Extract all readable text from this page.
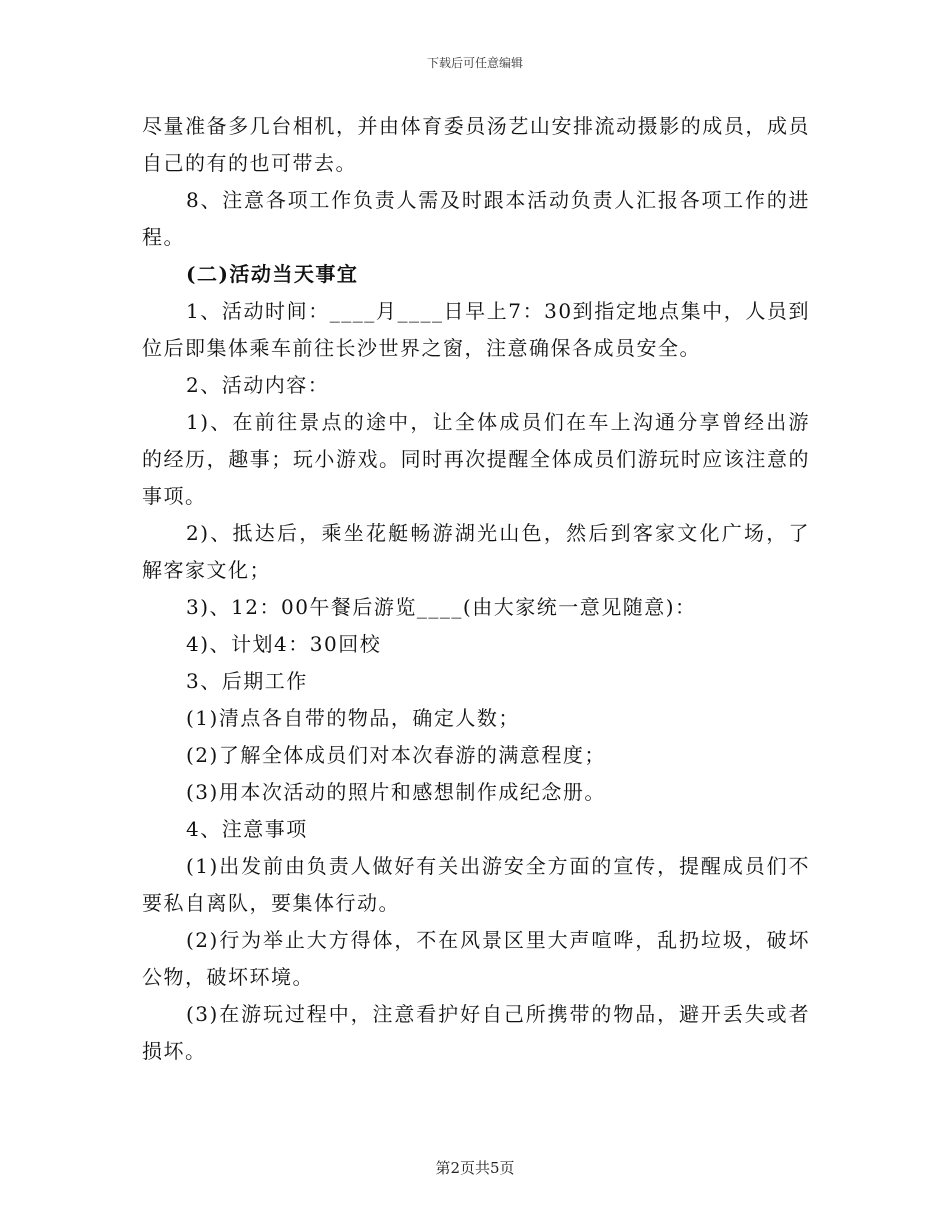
下载后可任意编辑

尽量准备多几台相机，并由体育委员汤艺山安排流动摄影的成员，成员自己的有的也可带去。

8、注意各项工作负责人需及时跟本活动负责人汇报各项工作的进程。

(二)活动当天事宜

1、活动时间：____月____日早上7：30到指定地点集中，人员到位后即集体乘车前往长沙世界之窗，注意确保各成员安全。

2、活动内容：

1)、在前往景点的途中，让全体成员们在车上沟通分享曾经出游的经历，趣事；玩小游戏。同时再次提醒全体成员们游玩时应该注意的事项。

2)、抵达后，乘坐花艇畅游湖光山色，然后到客家文化广场，了解客家文化；

3)、12：00午餐后游览____(由大家统一意见随意)：

4)、计划4：30回校

3、后期工作

(1)清点各自带的物品，确定人数；

(2)了解全体成员们对本次春游的满意程度；

(3)用本次活动的照片和感想制作成纪念册。

4、注意事项

(1)出发前由负责人做好有关出游安全方面的宣传，提醒成员们不要私自离队，要集体行动。

(2)行为举止大方得体，不在风景区里大声喧哗，乱扔垃圾，破坏公物，破坏环境。

(3)在游玩过程中，注意看护好自己所携带的物品，避开丢失或者损坏。

第2页共5页
